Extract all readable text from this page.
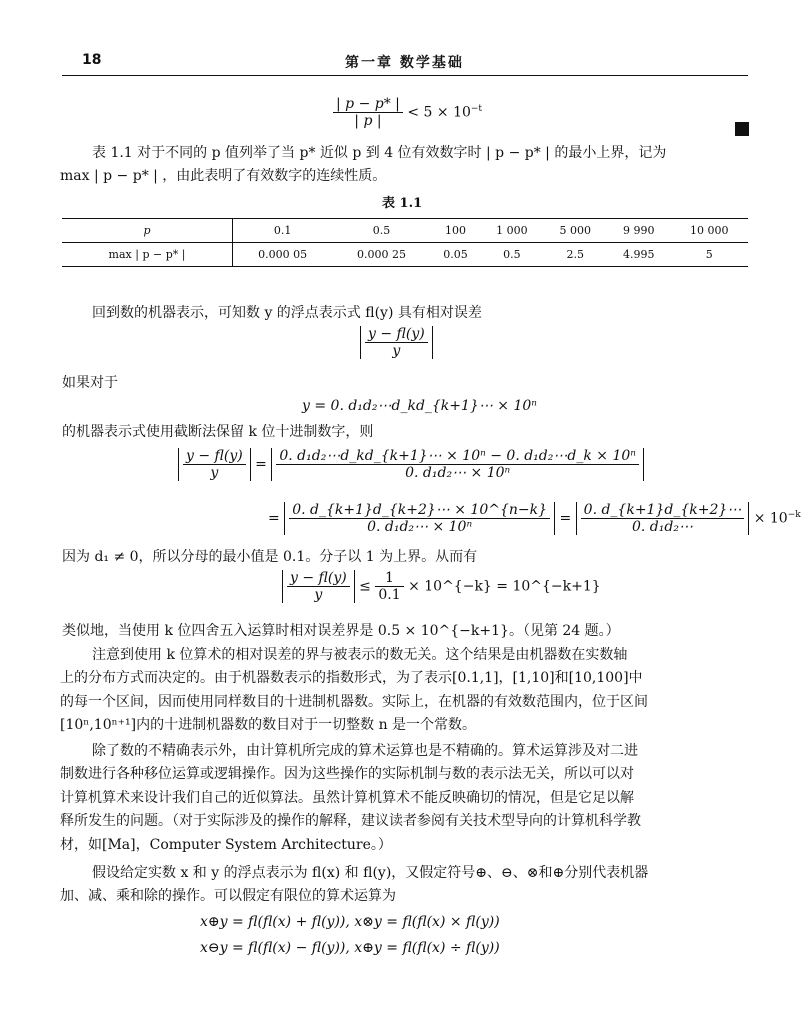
18	第一章 数学基础
$\frac{| p - p* |}{| p |} < 5 \times 10^{-t}$
表 1.1 对于不同的 p 值列举了当 p* 近似 p 到 4 位有效数字时 | p − p* | 的最小上界，记为
max | p − p* | ，由此表明了有效数字的连续性质。
表 1.1
p	0.1	0.5	100	1 000	5 000	9 990	10 000
max | p − p* |	0.000 05	0.000 25	0.05	0.5	2.5	4.995	5
回到数的机器表示，可知数 y 的浮点表示式 fl(y) 具有相对误差
$\frac{y - fl(y)}{y}$
如果对于
y = 0. d₁d₂⋯d_kd_{k+1}⋯ × 10ⁿ
的机器表示式使用截断法保留 k 位十进制数字，则
$\frac{y - fl(y)}{y} = \frac{\text{0. d₁d₂⋯d\_kd\_\{k+1\}⋯ × 10ⁿ − 0. d₁d₂⋯d\_k × 10ⁿ}}{\text{0. d₁d₂⋯ × 10ⁿ}}$
= $\frac{0. d\_\{k+1\}d\_\{k+2\}\cdots \times 10\^{}\{n-k\}}{\text{0. d₁d₂⋯ × 10ⁿ}} = \frac{0. d\_\{k+1\}d\_\{k+2\}\cdots}{\text{0. d₁d₂⋯}} \times 10^{-k}$
因为 d₁ ≠ 0，所以分母的最小值是 0.1。分子以 1 为上界。从而有
$\frac{y - fl(y)}{y} \le \frac{1}{0.1}$ × 10^{−k} = 10^{−k+1}
类似地，当使用 k 位四舍五入运算时相对误差界是 0.5 × 10^{−k+1}。（见第 24 题。）
注意到使用 k 位算术的相对误差的界与被表示的数无关。这个结果是由机器数在实数轴
上的分布方式而决定的。由于机器数表示的指数形式，为了表示[0.1,1]，[1,10]和[10,100]中
的每一个区间，因而使用同样数目的十进制机器数。实际上，在机器的有效数范围内，位于区间
[10ⁿ,10ⁿ⁺¹]内的十进制机器数的数目对于一切整数 n 是一个常数。
除了数的不精确表示外，由计算机所完成的算术运算也是不精确的。算术运算涉及对二进
制数进行各种移位运算或逻辑操作。因为这些操作的实际机制与数的表示法无关，所以可以对
计算机算术来设计我们自己的近似算法。虽然计算机算术不能反映确切的情况，但是它足以解
释所发生的问题。（对于实际涉及的操作的解释，建议读者参阅有关技术型导向的计算机科学教
材，如[Ma]，Computer System Architecture。）
假设给定实数 x 和 y 的浮点表示为 fl(x) 和 fl(y)，又假定符号⊕、⊖、⊗和⊕分别代表机器
加、减、乘和除的操作。可以假定有限位的算术运算为
x⊕y = fl(fl(x) + fl(y)), x⊗y = fl(fl(x) × fl(y))
x⊖y = fl(fl(x) − fl(y)), x⊕y = fl(fl(x) ÷ fl(y))
